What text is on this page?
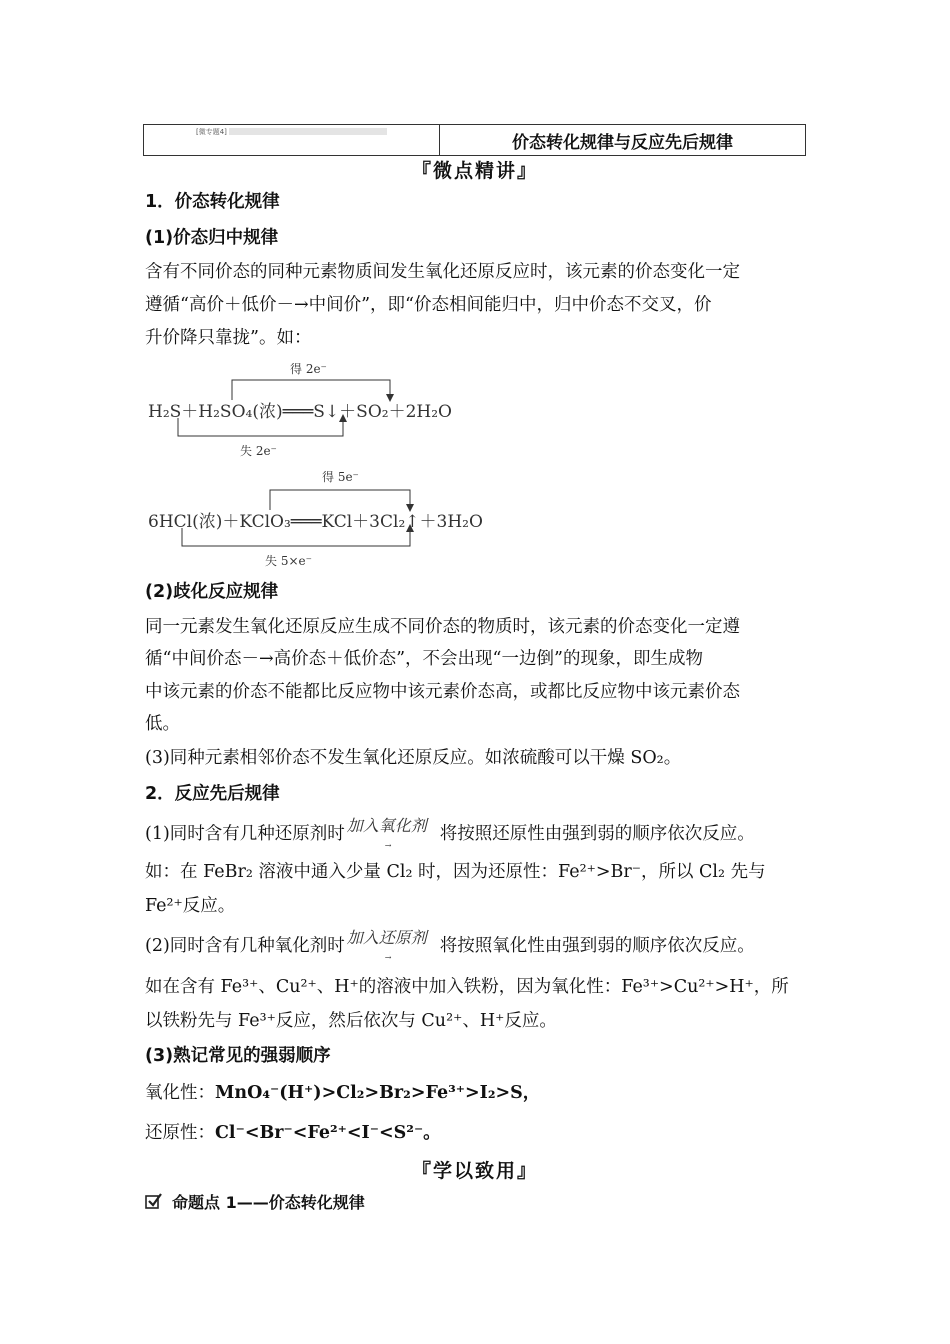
[微专题4]
价态转化规律与反应先后规律
『微点精讲』
1．价态转化规律
(1)价态归中规律
含有不同价态的同种元素物质间发生氧化还原反应时，该元素的价态变化一定
遵循“高价＋低价－→中间价”，即“价态相间能归中，归中价态不交叉，价
升价降只靠拢”。如：
得 2e⁻
H₂S＋H₂SO₄(浓)═══S↓＋SO₂＋2H₂O
失 2e⁻
得 5e⁻
6HCl(浓)＋KClO₃═══KCl＋3Cl₂↑＋3H₂O
失 5×e⁻
(2)歧化反应规律
同一元素发生氧化还原反应生成不同价态的物质时，该元素的价态变化一定遵
循“中间价态－→高价态＋低价态”，不会出现“一边倒”的现象，即生成物
中该元素的价态不能都比反应物中该元素价态高，或都比反应物中该元素价态
低。
(3)同种元素相邻价态不发生氧化还原反应。如浓硫酸可以干燥 SO₂。
2．反应先后规律
(1)同时含有几种还原剂时 加入氧化剂
→
将按照还原性由强到弱的顺序依次反应。
如：在 FeBr₂ 溶液中通入少量 Cl₂ 时，因为还原性：Fe²⁺>Br⁻，所以 Cl₂ 先与
Fe²⁺反应。
(2)同时含有几种氧化剂时 加入还原剂
→
将按照氧化性由强到弱的顺序依次反应。
如在含有 Fe³⁺、Cu²⁺、H⁺的溶液中加入铁粉，因为氧化性：Fe³⁺>Cu²⁺>H⁺，所
以铁粉先与 Fe³⁺反应，然后依次与 Cu²⁺、H⁺反应。
(3)熟记常见的强弱顺序
氧化性：MnO₄⁻(H⁺)>Cl₂>Br₂>Fe³⁺>I₂>S，
还原性：Cl⁻<Br⁻<Fe²⁺<I⁻<S²⁻。
『学以致用』
命题点 1——价态转化规律
